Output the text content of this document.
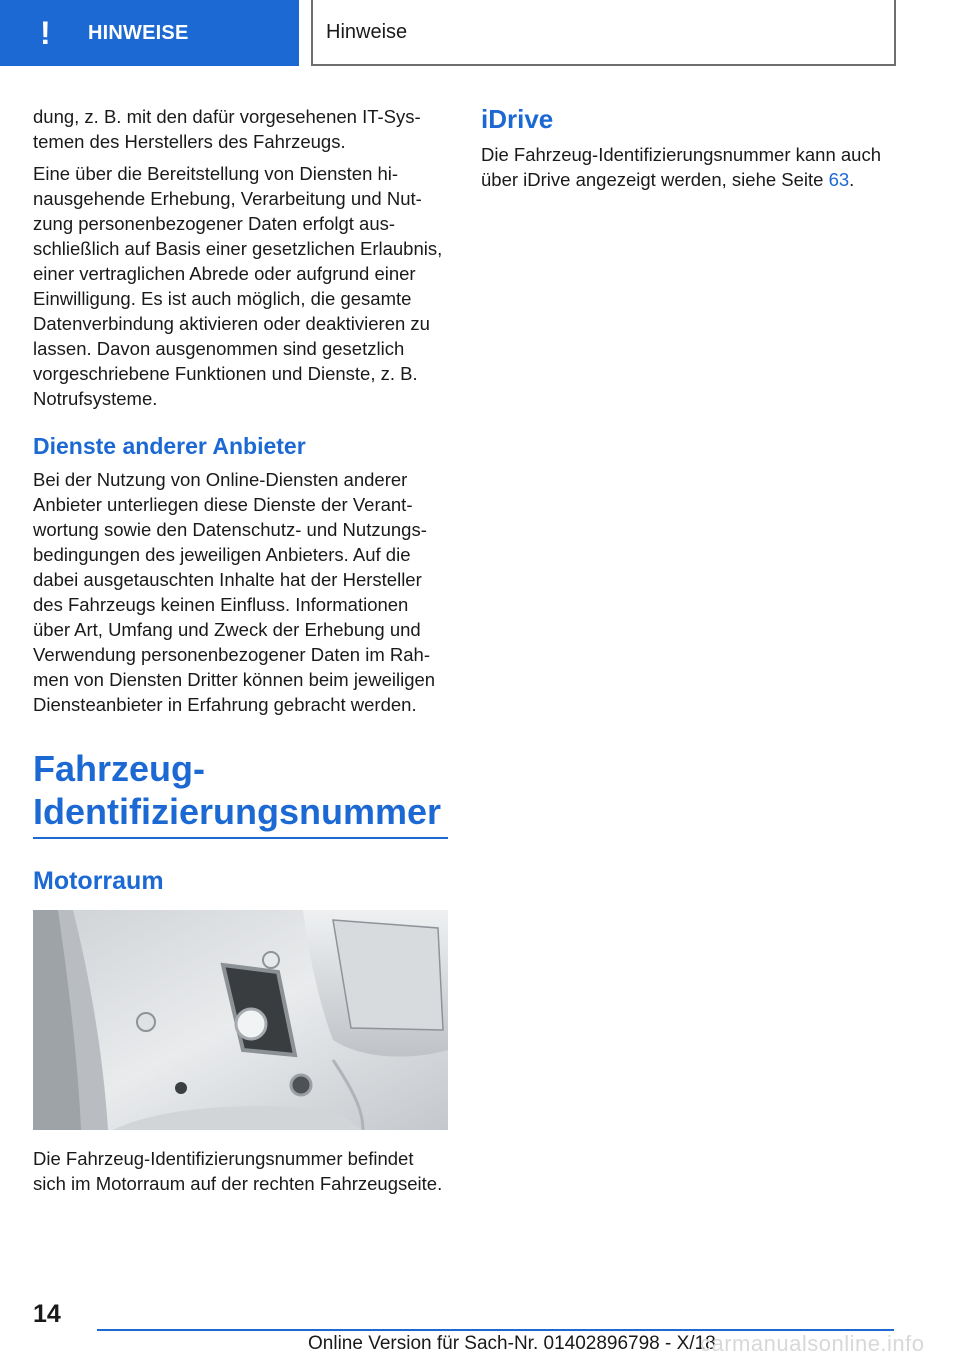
! HINWEISE	Hinweise

dung, z. B. mit den dafür vorgesehenen IT-Systemen des Herstellers des Fahrzeugs.

Eine über die Bereitstellung von Diensten hinausgehende Erhebung, Verarbeitung und Nutzung personenbezogener Daten erfolgt ausschließlich auf Basis einer gesetzlichen Erlaubnis, einer vertraglichen Abrede oder aufgrund einer Einwilligung. Es ist auch möglich, die gesamte Datenverbindung aktivieren oder deaktivieren zu lassen. Davon ausgenommen sind gesetzlich vorgeschriebene Funktionen und Dienste, z. B. Notrufsysteme.

Dienste anderer Anbieter

Bei der Nutzung von Online-Diensten anderer Anbieter unterliegen diese Dienste der Verantwortung sowie den Datenschutz- und Nutzungsbedingungen des jeweiligen Anbieters. Auf die dabei ausgetauschten Inhalte hat der Hersteller des Fahrzeugs keinen Einfluss. Informationen über Art, Umfang und Zweck der Erhebung und Verwendung personenbezogener Daten im Rahmen von Diensten Dritter können beim jeweiligen Diensteanbieter in Erfahrung gebracht werden.

Fahrzeug-
Identifizierungsnummer
Motorraum

Die Fahrzeug-Identifizierungsnummer befindet sich im Motorraum auf der rechten Fahrzeugseite.

iDrive

Die Fahrzeug-Identifizierungsnummer kann auch über iDrive angezeigt werden, siehe Seite 63.

14
Online Version für Sach-Nr. 01402896798 - X/18
carmanualsonline.info
